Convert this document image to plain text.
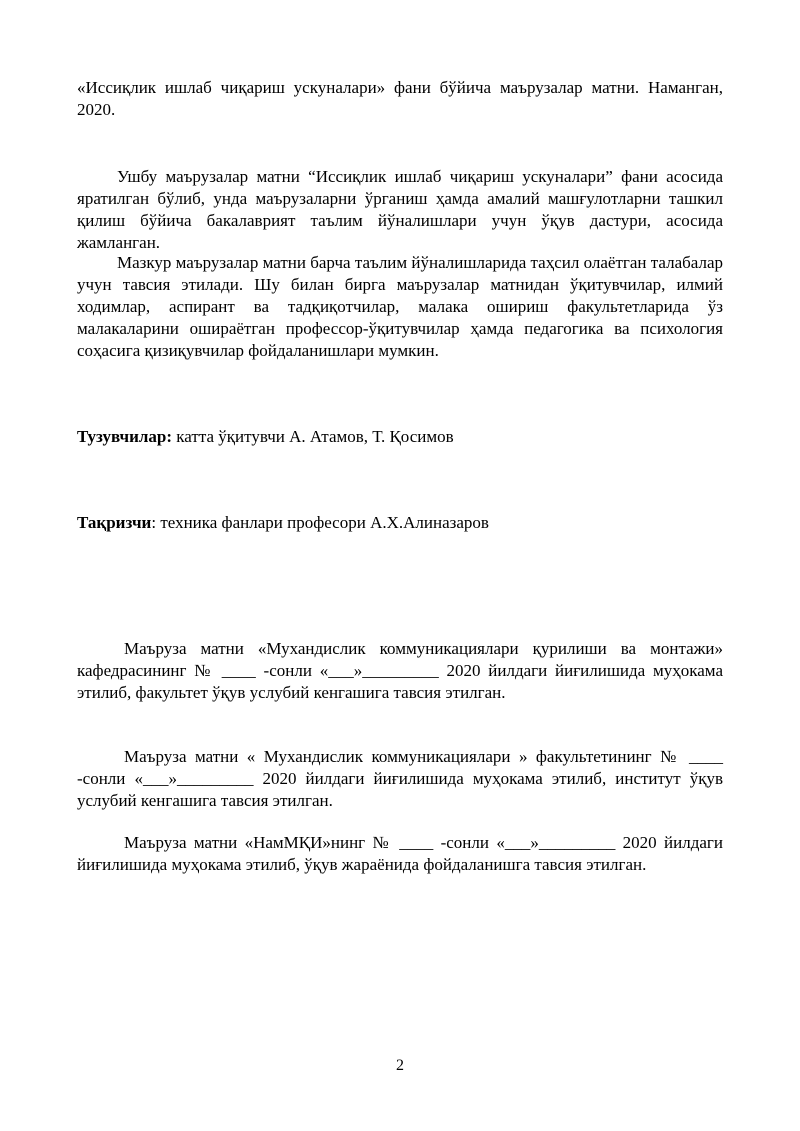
«Иссиқлик ишлаб чиқариш ускуналари» фани бўйича маърузалар матни. Наманган, 2020.
Ушбу маърузалар матни “Иссиқлик ишлаб чиқариш ускуналари” фани асосида яратилган бўлиб, унда маърузаларни ўрганиш ҳамда амалий машғулотларни ташкил қилиш бўйича бакалаврият таълим йўналишлари учун ўқув дастури, асосида жамланган.
Мазкур маърузалар матни барча таълим йўналишларида таҳсил олаётган талабалар учун тавсия этилади. Шу билан бирга маърузалар матнидан ўқитувчилар, илмий ходимлар, аспирант ва тадқиқотчилар, малака ошириш факультетларида ўз малакаларини ошираётган профессор-ўқитувчилар ҳамда педагогика ва психология соҳасига қизиқувчилар фойдаланишлари мумкин.
Тузувчилар: катта ўқитувчи А. Атамов, Т. Қосимов
Тақризчи: техника фанлари професори А.Х.Алиназаров
Маъруза матни «Мухандислик коммуникациялари қурилиши ва монтажи» кафедрасининг № ____ -сонли «___»_________ 2020 йилдаги йиғилишида муҳокама этилиб, факультет ўқув услубий кенгашига тавсия этилган.
Маъруза матни « Мухандислик коммуникациялари » факультетининг № ____ -сонли «___»_________ 2020 йилдаги йиғилишида муҳокама этилиб, институт ўқув услубий кенгашига тавсия этилган.
Маъруза матни «НамМҚИ»нинг № ____ -сонли «___»_________ 2020 йилдаги йиғилишида муҳокама этилиб, ўқув жараёнида фойдаланишга тавсия этилган.
2
